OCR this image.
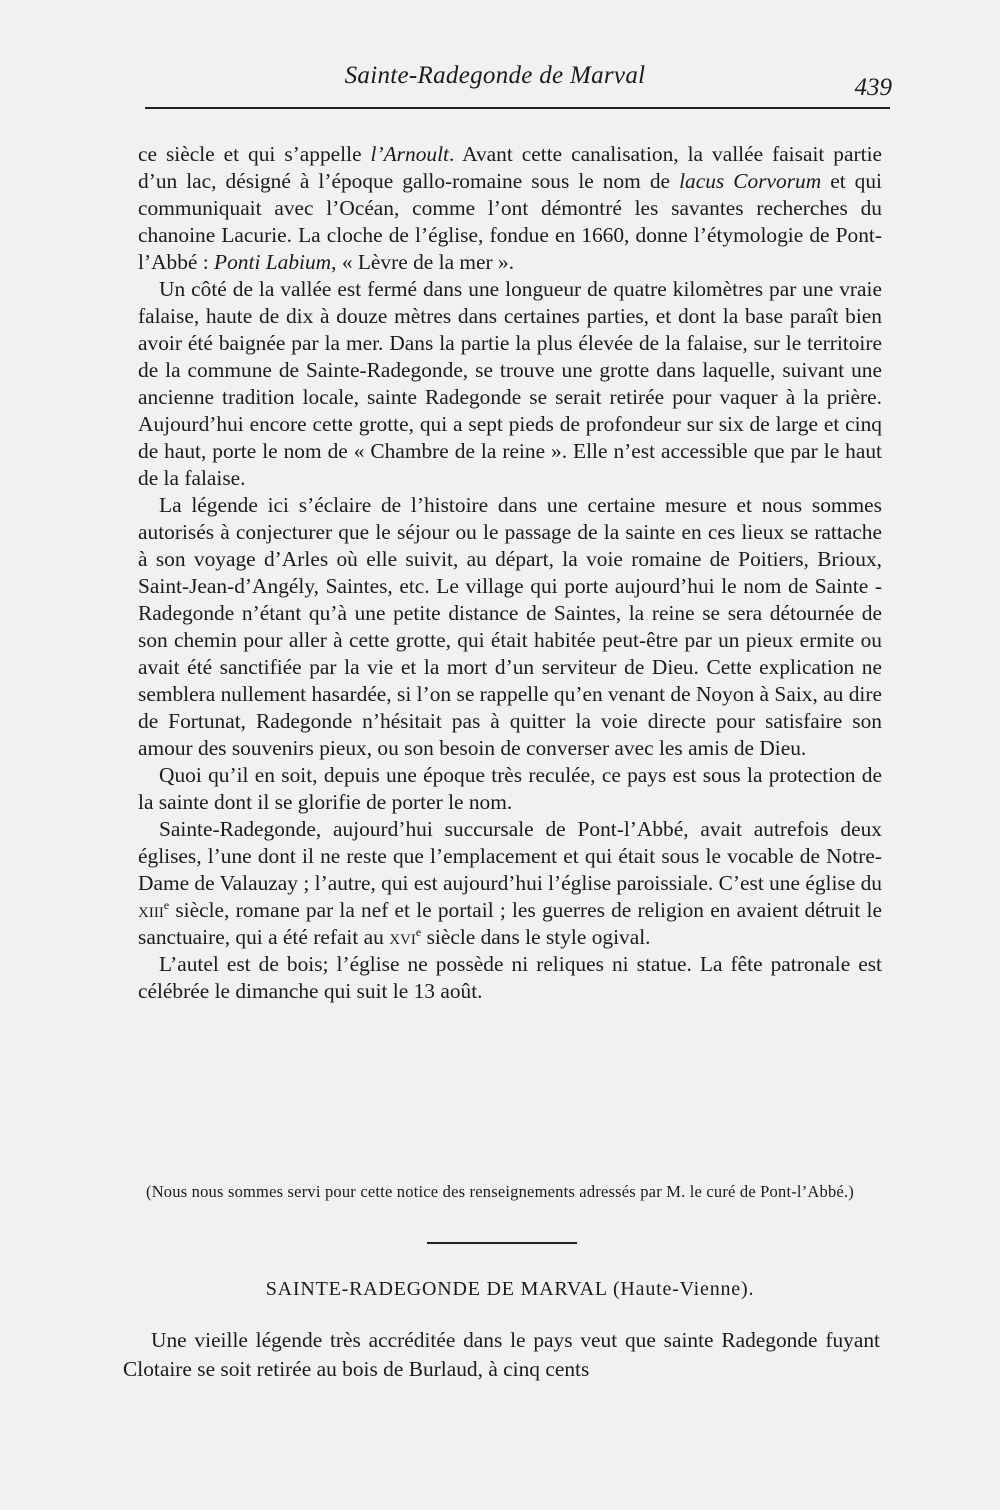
Sainte-Radegonde de Marval	439

ce siècle et qui s’appelle l’Arnoult. Avant cette canalisation, la vallée faisait partie d’un lac, désigné à l’époque gallo-romaine sous le nom de lacus Corvorum et qui communiquait avec l’Océan, comme l’ont démontré les savantes recherches du chanoine Lacurie. La cloche de l’église, fondue en 1660, donne l’étymologie de Pont-l’Abbé : Ponti Labium, « Lèvre de la mer ».

Un côté de la vallée est fermé dans une longueur de quatre kilomètres par une vraie falaise, haute de dix à douze mètres dans certaines parties, et dont la base paraît bien avoir été baignée par la mer. Dans la partie la plus élevée de la falaise, sur le territoire de la commune de Sainte-Radegonde, se trouve une grotte dans laquelle, suivant une ancienne tradition locale, sainte Radegonde se serait retirée pour vaquer à la prière. Aujourd’hui encore cette grotte, qui a sept pieds de profondeur sur six de large et cinq de haut, porte le nom de « Chambre de la reine ». Elle n’est accessible que par le haut de la falaise.

La légende ici s’éclaire de l’histoire dans une certaine mesure et nous sommes autorisés à conjecturer que le séjour ou le passage de la sainte en ces lieux se rattache à son voyage d’Arles où elle suivit, au départ, la voie romaine de Poitiers, Brioux, Saint-Jean-d’Angély, Saintes, etc. Le village qui porte aujourd’hui le nom de Sainte - Radegonde n’étant qu’à une petite distance de Saintes, la reine se sera détournée de son chemin pour aller à cette grotte, qui était habitée peut-être par un pieux ermite ou avait été sanctifiée par la vie et la mort d’un serviteur de Dieu. Cette explication ne semblera nullement hasardée, si l’on se rappelle qu’en venant de Noyon à Saix, au dire de Fortunat, Radegonde n’hésitait pas à quitter la voie directe pour satisfaire son amour des souvenirs pieux, ou son besoin de converser avec les amis de Dieu.

Quoi qu’il en soit, depuis une époque très reculée, ce pays est sous la protection de la sainte dont il se glorifie de porter le nom.

Sainte-Radegonde, aujourd’hui succursale de Pont-l’Abbé, avait autrefois deux églises, l’une dont il ne reste que l’emplacement et qui était sous le vocable de Notre-Dame de Valauzay ; l’autre, qui est aujourd’hui l’église paroissiale. C’est une église du xiii$^e$ siècle, romane par la nef et le portail ; les guerres de religion en avaient détruit le sanctuaire, qui a été refait au xvi$^e$ siècle dans le style ogival.

L’autel est de bois; l’église ne possède ni reliques ni statue. La fête patronale est célébrée le dimanche qui suit le 13 août.

(Nous nous sommes servi pour cette notice des renseignements adressés par M. le curé de Pont-l’Abbé.)

SAINTE-RADEGONDE DE MARVAL (Haute-Vienne).

Une vieille légende très accréditée dans le pays veut que sainte Radegonde fuyant Clotaire se soit retirée au bois de Burlaud, à cinq cents
